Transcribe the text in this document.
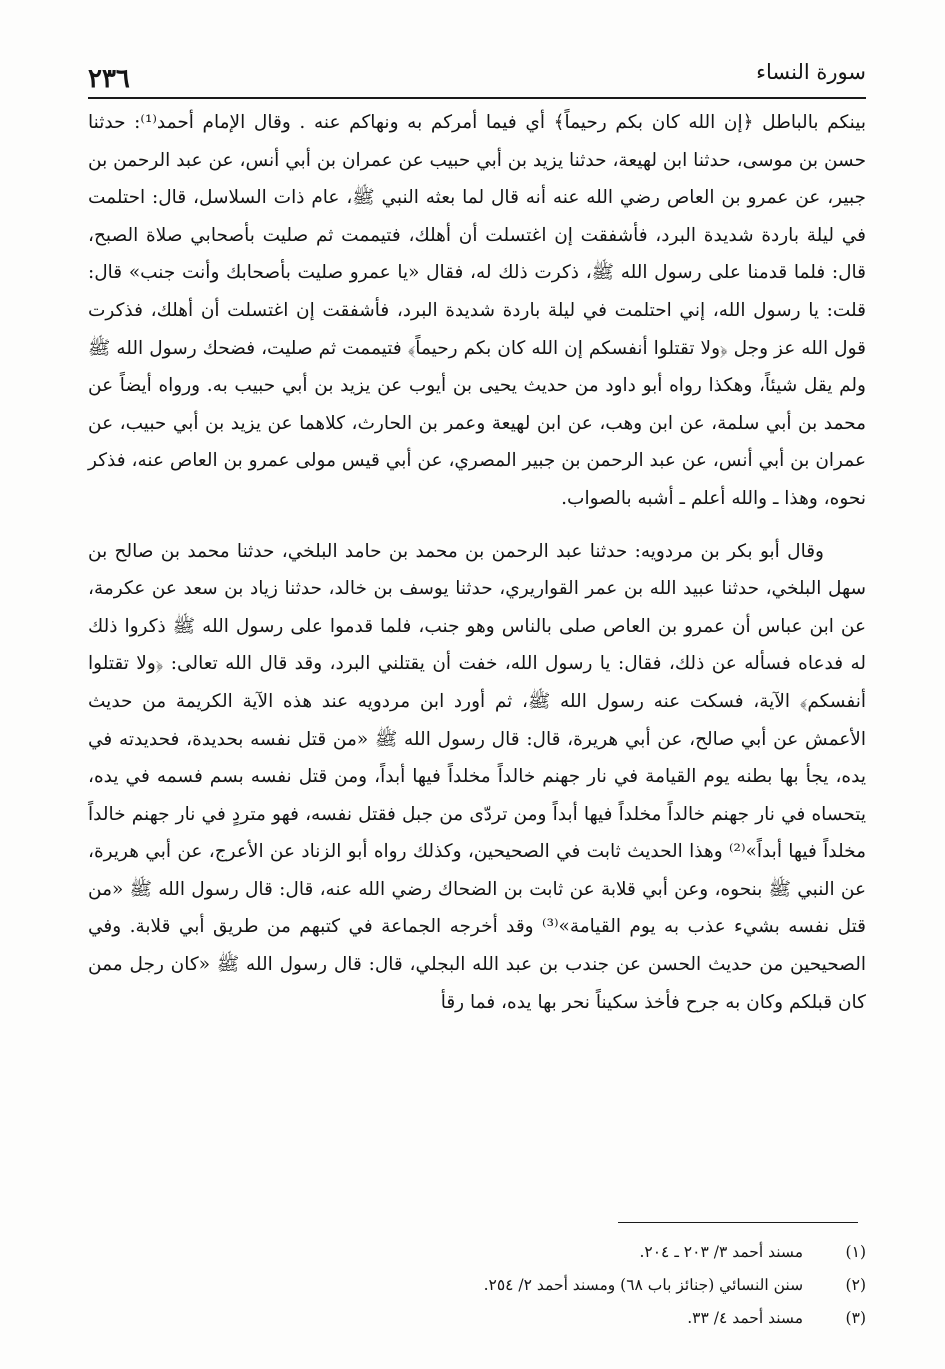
سورة النساء
٢٣٦

بينكم بالباطل ﴿إن الله كان بكم رحيماً﴾ أي فيما أمركم به ونهاكم عنه . وقال الإمام أحمد⁽¹⁾: حدثنا حسن بن موسى، حدثنا ابن لهيعة، حدثنا يزيد بن أبي حبيب عن عمران بن أبي أنس، عن عبد الرحمن بن جبير، عن عمرو بن العاص رضي الله عنه أنه قال لما بعثه النبي ﷺ، عام ذات السلاسل، قال: احتلمت في ليلة باردة شديدة البرد، فأشفقت إن اغتسلت أن أهلك، فتيممت ثم صليت بأصحابي صلاة الصبح، قال: فلما قدمنا على رسول الله ﷺ، ذكرت ذلك له، فقال «يا عمرو صليت بأصحابك وأنت جنب» قال: قلت: يا رسول الله، إني احتلمت في ليلة باردة شديدة البرد، فأشفقت إن اغتسلت أن أهلك، فذكرت قول الله عز وجل ﴿ولا تقتلوا أنفسكم إن الله كان بكم رحيماً﴾ فتيممت ثم صليت، فضحك رسول الله ﷺ ولم يقل شيئاً، وهكذا رواه أبو داود من حديث يحيى بن أيوب عن يزيد بن أبي حبيب به. ورواه أيضاً عن محمد بن أبي سلمة، عن ابن وهب، عن ابن لهيعة وعمر بن الحارث، كلاهما عن يزيد بن أبي حبيب، عن عمران بن أبي أنس، عن عبد الرحمن بن جبير المصري، عن أبي قيس مولى عمرو بن العاص عنه، فذكر نحوه، وهذا ـ والله أعلم ـ أشبه بالصواب.

وقال أبو بكر بن مردويه: حدثنا عبد الرحمن بن محمد بن حامد البلخي، حدثنا محمد بن صالح بن سهل البلخي، حدثنا عبيد الله بن عمر القواريري، حدثنا يوسف بن خالد، حدثنا زياد بن سعد عن عكرمة، عن ابن عباس أن عمرو بن العاص صلى بالناس وهو جنب، فلما قدموا على رسول الله ﷺ ذكروا ذلك له فدعاه فسأله عن ذلك، فقال: يا رسول الله، خفت أن يقتلني البرد، وقد قال الله تعالى: ﴿ولا تقتلوا أنفسكم﴾ الآية، فسكت عنه رسول الله ﷺ، ثم أورد ابن مردويه عند هذه الآية الكريمة من حديث الأعمش عن أبي صالح، عن أبي هريرة، قال: قال رسول الله ﷺ «من قتل نفسه بحديدة، فحديدته في يده، يجأ بها بطنه يوم القيامة في نار جهنم خالداً مخلداً فيها أبداً، ومن قتل نفسه بسم فسمه في يده، يتحساه في نار جهنم خالداً مخلداً فيها أبداً ومن تردّى من جبل فقتل نفسه، فهو متردٍ في نار جهنم خالداً مخلداً فيها أبداً»⁽²⁾ وهذا الحديث ثابت في الصحيحين، وكذلك رواه أبو الزناد عن الأعرج، عن أبي هريرة، عن النبي ﷺ بنحوه، وعن أبي قلابة عن ثابت بن الضحاك رضي الله عنه، قال: قال رسول الله ﷺ «من قتل نفسه بشيء عذب به يوم القيامة»⁽³⁾ وقد أخرجه الجماعة في كتبهم من طريق أبي قلابة. وفي الصحيحين من حديث الحسن عن جندب بن عبد الله البجلي، قال: قال رسول الله ﷺ «كان رجل ممن كان قبلكم وكان به جرح فأخذ سكيناً نحر بها يده، فما رقأ

(١) مسند أحمد ٣/ ٢٠٣ ـ ٢٠٤.
(٢) سنن النسائي (جنائز باب ٦٨) ومسند أحمد ٢/ ٢٥٤.
(٣) مسند أحمد ٤/ ٣٣.
